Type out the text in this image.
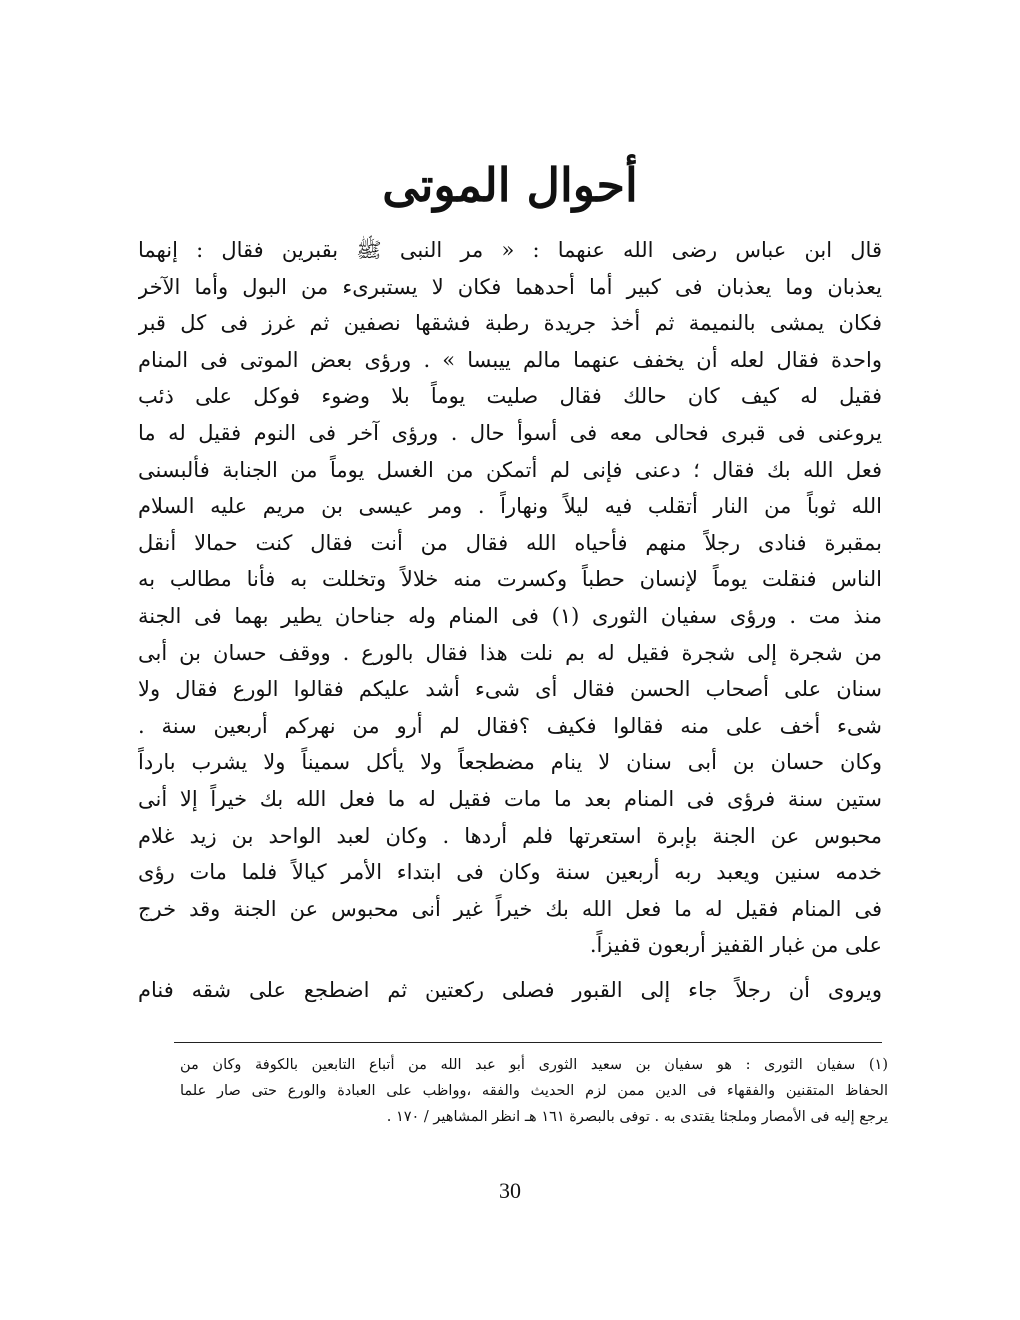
أحوال الموتى
قال ابن عباس رضى الله عنهما : « مر النبى ﷺ بقبرين فقال : إنهما
يعذبان وما يعذبان فى كبير أما أحدهما فكان لا يستبرىء من البول وأما الآخر
فكان يمشى بالنميمة ثم أخذ جريدة رطبة فشقها نصفين ثم غرز فى كل قبر
واحدة فقال لعله أن يخفف عنهما مالم ييبسا » . ورؤى بعض الموتى فى المنام
فقيل له كيف كان حالك فقال صليت يوماً بلا وضوء فوكل على ذئب
يروعنى فى قبرى فحالى معه فى أسوأ حال . ورؤى آخر فى النوم فقيل له ما
فعل الله بك فقال ؛ دعنى فإنى لم أتمكن من الغسل يوماً من الجنابة فألبسنى
الله ثوباً من النار أتقلب فيه ليلاً ونهاراً . ومر عيسى بن مريم عليه السلام
بمقبرة فنادى رجلاً منهم فأحياه الله فقال من أنت فقال كنت حمالا أنقل
الناس فنقلت يوماً لإنسان حطباً وكسرت منه خلالاً وتخللت به فأنا مطالب به
منذ مت . ورؤى سفيان الثورى (١) فى المنام وله جناحان يطير بهما فى الجنة
من شجرة إلى شجرة فقيل له بم نلت هذا فقال بالورع . ووقف حسان بن أبى
سنان على أصحاب الحسن فقال أى شىء أشد عليكم فقالوا الورع فقال ولا
شىء أخف على منه فقالوا فكيف ؟فقال لم أرو من نهركم أربعين سنة .
وكان حسان بن أبى سنان لا ينام مضطجعاً ولا يأكل سميناً ولا يشرب بارداً
ستين سنة فرؤى فى المنام بعد ما مات فقيل له ما فعل الله بك خيراً إلا أنى
محبوس عن الجنة بإبرة استعرتها فلم أردها . وكان لعبد الواحد بن زيد غلام
خدمه سنين ويعبد ربه أربعين سنة وكان فى ابتداء الأمر كيالاً فلما مات رؤى
فى المنام فقيل له ما فعل الله بك خيراً غير أنى محبوس عن الجنة وقد خرج
على من غبار القفيز أربعون قفيزاً.
ويروى أن رجلاً جاء إلى القبور فصلى ركعتين ثم اضطجع على شقه فنام
(١) سفيان الثورى : هو سفيان بن سعيد الثورى أبو عبد الله من أتباع التابعين بالكوفة وكان من
الحفاظ المتقنين والفقهاء فى الدين ممن لزم الحديث والفقه ،وواظب على العبادة والورع حتى صار علما
يرجع إليه فى الأمصار وملجئا يقتدى به . توفى بالبصرة ١٦١ هـ انظر المشاهير / ١٧٠ .
30
